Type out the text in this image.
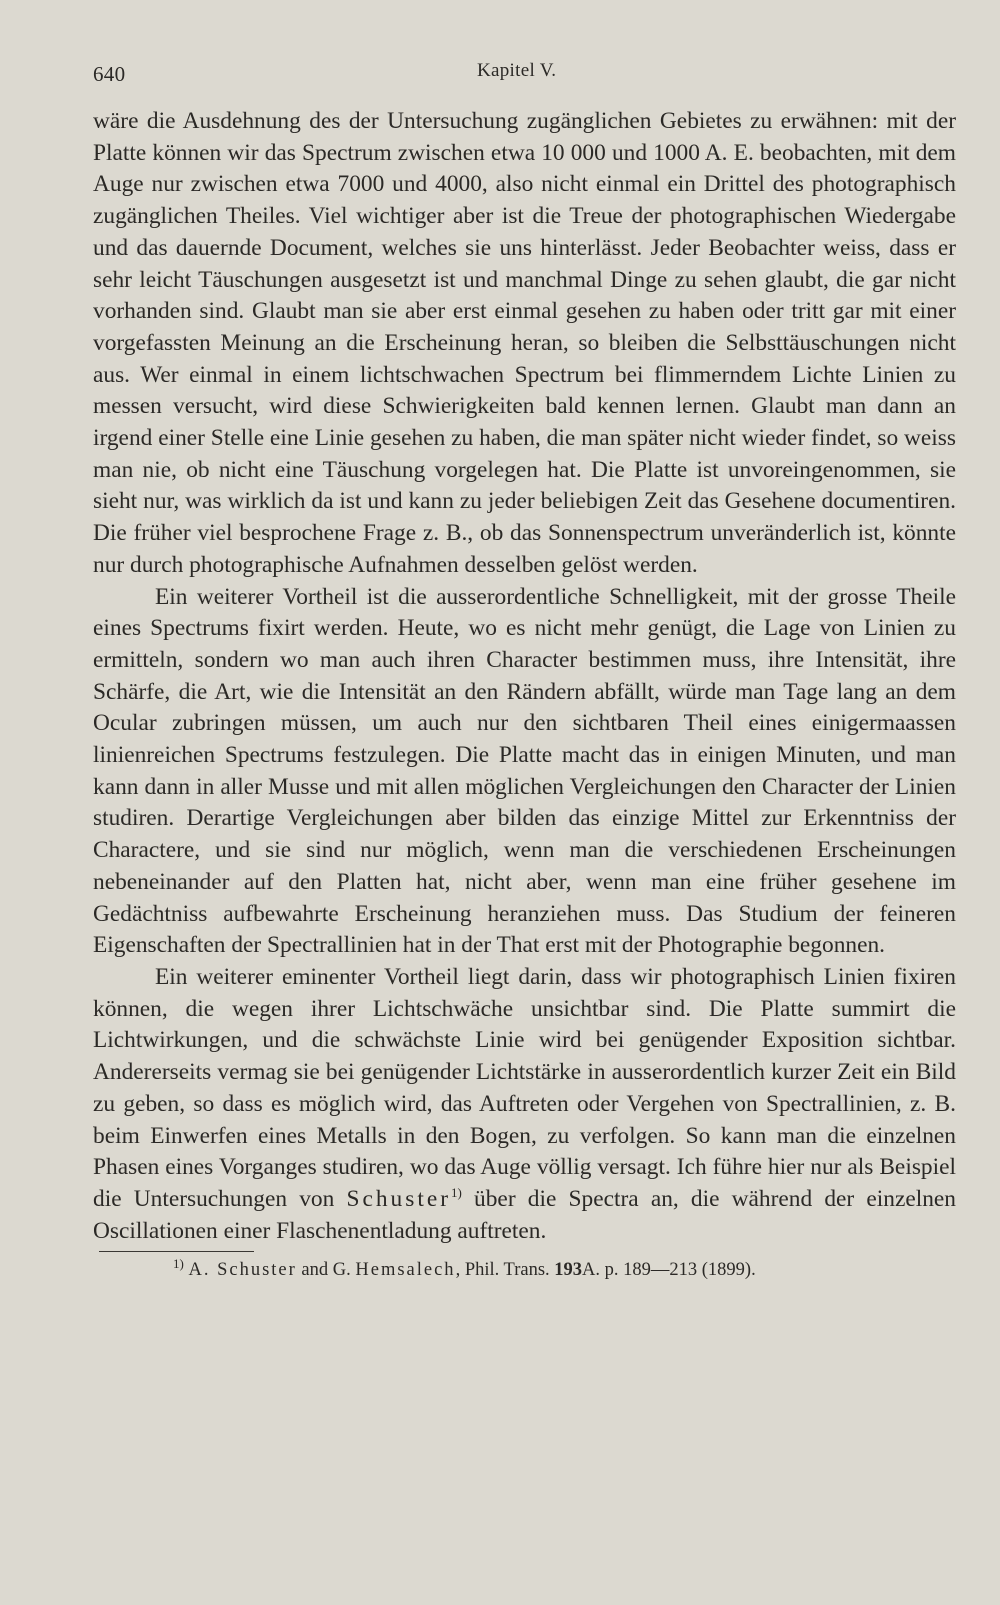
640	Kapitel V.

wäre die Ausdehnung des der Untersuchung zugänglichen Gebietes zu erwähnen: mit der Platte können wir das Spectrum zwischen etwa 10 000 und 1000 A. E. beobachten, mit dem Auge nur zwischen etwa 7000 und 4000, also nicht einmal ein Drittel des photographisch zugänglichen Theiles. Viel wichtiger aber ist die Treue der photographischen Wiedergabe und das dauernde Document, welches sie uns hinterlässt. Jeder Beobachter weiss, dass er sehr leicht Täuschungen ausgesetzt ist und manchmal Dinge zu sehen glaubt, die gar nicht vorhanden sind. Glaubt man sie aber erst einmal gesehen zu haben oder tritt gar mit einer vorgefassten Meinung an die Erscheinung heran, so bleiben die Selbsttäuschungen nicht aus. Wer einmal in einem lichtschwachen Spectrum bei flimmerndem Lichte Linien zu messen versucht, wird diese Schwierigkeiten bald kennen lernen. Glaubt man dann an irgend einer Stelle eine Linie gesehen zu haben, die man später nicht wieder findet, so weiss man nie, ob nicht eine Täuschung vorgelegen hat. Die Platte ist unvoreingenommen, sie sieht nur, was wirklich da ist und kann zu jeder beliebigen Zeit das Gesehene documentiren. Die früher viel besprochene Frage z. B., ob das Sonnenspectrum unveränderlich ist, könnte nur durch photographische Aufnahmen desselben gelöst werden.

Ein weiterer Vortheil ist die ausserordentliche Schnelligkeit, mit der grosse Theile eines Spectrums fixirt werden. Heute, wo es nicht mehr genügt, die Lage von Linien zu ermitteln, sondern wo man auch ihren Character bestimmen muss, ihre Intensität, ihre Schärfe, die Art, wie die Intensität an den Rändern abfällt, würde man Tage lang an dem Ocular zubringen müssen, um auch nur den sichtbaren Theil eines einigermaassen linienreichen Spectrums festzulegen. Die Platte macht das in einigen Minuten, und man kann dann in aller Musse und mit allen möglichen Vergleichungen den Character der Linien studiren. Derartige Vergleichungen aber bilden das einzige Mittel zur Erkenntniss der Charactere, und sie sind nur möglich, wenn man die verschiedenen Erscheinungen nebeneinander auf den Platten hat, nicht aber, wenn man eine früher gesehene im Gedächtniss aufbewahrte Erscheinung heranziehen muss. Das Studium der feineren Eigenschaften der Spectrallinien hat in der That erst mit der Photographie begonnen.

Ein weiterer eminenter Vortheil liegt darin, dass wir photographisch Linien fixiren können, die wegen ihrer Lichtschwäche unsichtbar sind. Die Platte summirt die Lichtwirkungen, und die schwächste Linie wird bei genügender Exposition sichtbar. Andererseits vermag sie bei genügender Lichtstärke in ausserordentlich kurzer Zeit ein Bild zu geben, so dass es möglich wird, das Auftreten oder Vergehen von Spectrallinien, z. B. beim Einwerfen eines Metalls in den Bogen, zu verfolgen. So kann man die einzelnen Phasen eines Vorganges studiren, wo das Auge völlig versagt. Ich führe hier nur als Beispiel die Untersuchungen von Schuster$^{1)}$ über die Spectra an, die während der einzelnen Oscillationen einer Flaschenentladung auftreten.

$^{1)}$ A. Schuster and G. Hemsalech, Phil. Trans. 193A. p. 189—213 (1899).
